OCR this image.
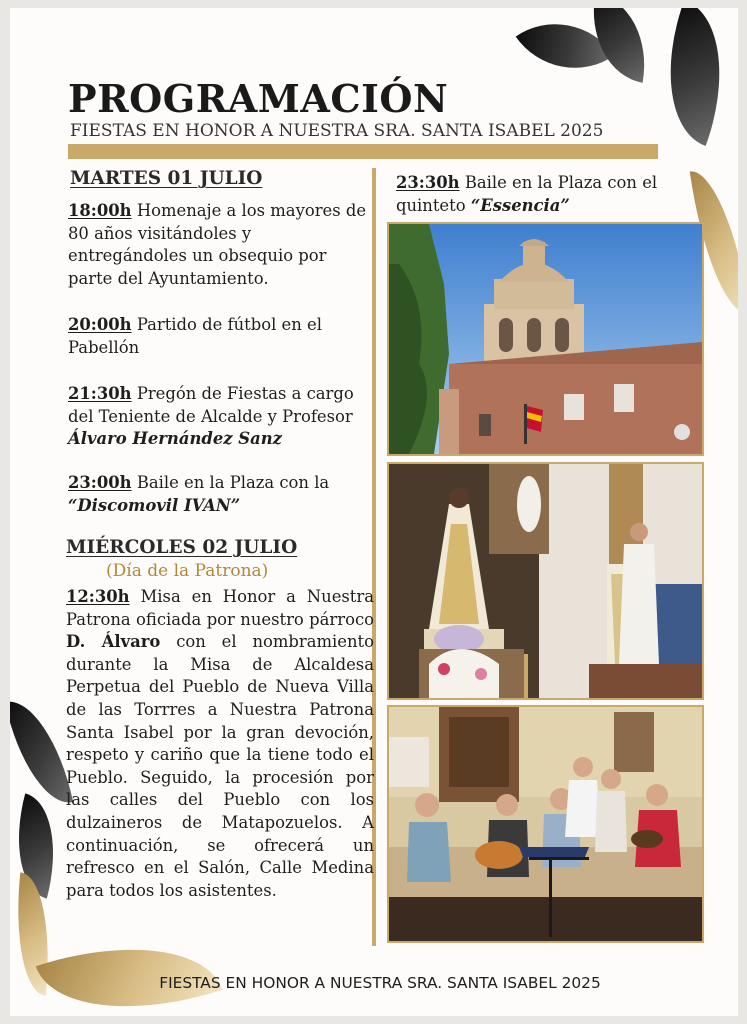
PROGRAMACIÓN
FIESTAS EN HONOR A NUESTRA SRA. SANTA ISABEL 2025
MARTES 01 JULIO
18:00h Homenaje a los mayores de 80 años visitándoles y entregándoles un obsequio por parte del Ayuntamiento.
20:00h Partido de fútbol en el Pabellón
21:30h Pregón de Fiestas a cargo del Teniente de Alcalde y Profesor Álvaro Hernández Sanz
23:00h Baile en la Plaza con la “Discomovil IVAN”
MIÉRCOLES 02 JULIO
(Día de la Patrona)
12:30h Misa en Honor a Nuestra Patrona oficiada por nuestro párroco D. Álvaro con el nombramiento durante la Misa de Alcaldesa Perpetua del Pueblo de Nueva Villa de las Torrres a Nuestra Patrona Santa Isabel por la gran devoción, respeto y cariño que la tiene todo el Pueblo. Seguido, la procesión por las calles del Pueblo con los dulzaineros de Matapozuelos. A continuación, se ofrecerá un refresco en el Salón, Calle Medina para todos los asistentes.
23:30h Baile en la Plaza con el quinteto “Essencia”
FIESTAS EN HONOR A NUESTRA SRA. SANTA ISABEL 2025
